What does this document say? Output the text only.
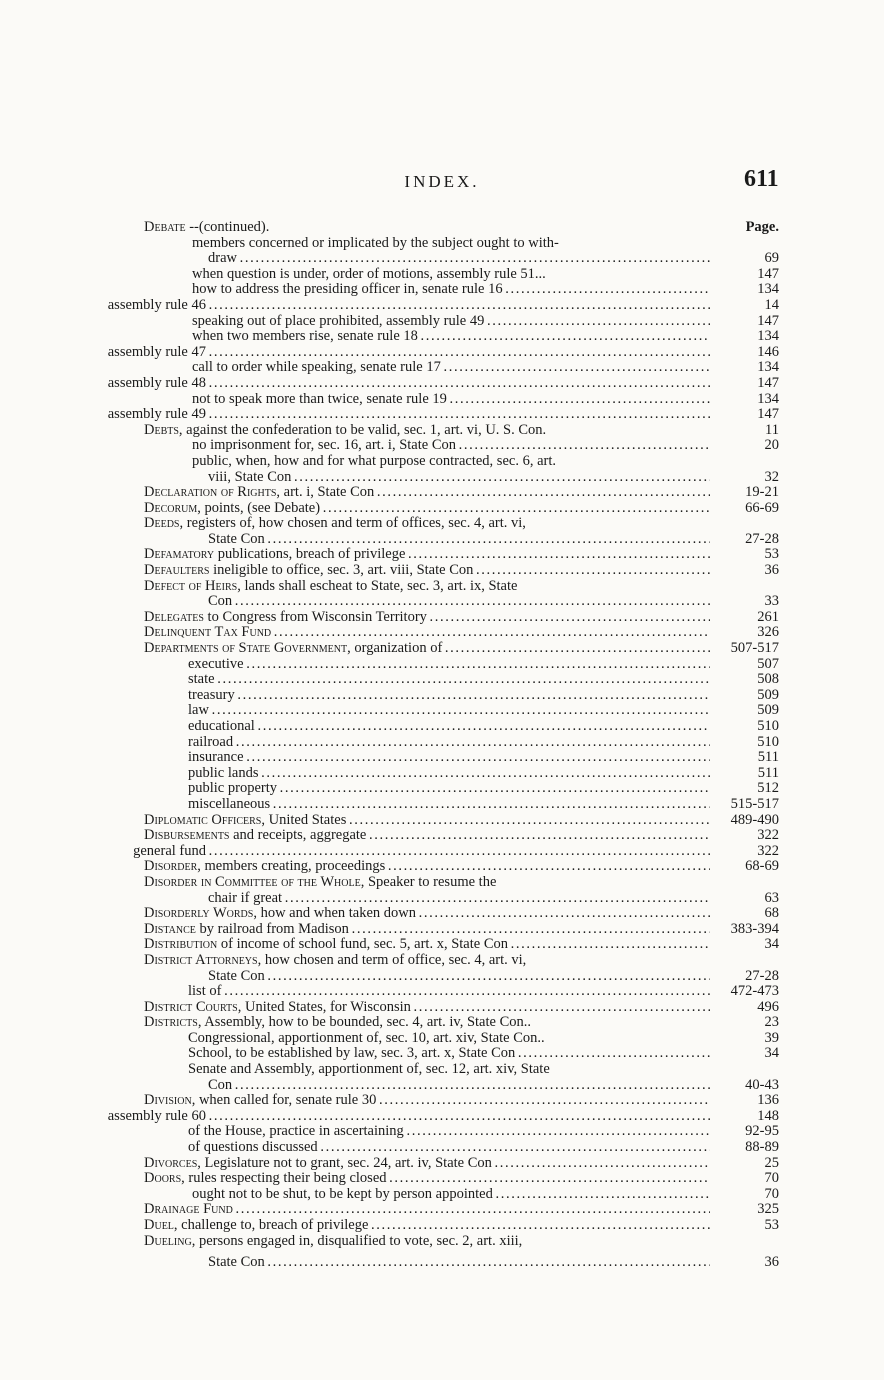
INDEX.	611
Debate --(continued).	Page.
members concerned or implicated by the subject ought to with-
draw . . .	69
when question is under, order of motions, assembly rule 51...	147
how to address the presiding officer in, senate rule 16 . . .	134
assembly rule 46 . . .	14
speaking out of place prohibited, assembly rule 49 . . .	147
when two members rise, senate rule 18 . . .	134
assembly rule 47 . . .	146
call to order while speaking, senate rule 17 . . .	134
assembly rule 48 . . .	147
not to speak more than twice, senate rule 19 . . .	134
assembly rule 49 . . .	147
Debts, against the confederation to be valid, sec. 1, art. vi, U. S. Con.	11
no imprisonment for, sec. 16, art. i, State Con . . .	20
public, when, how and for what purpose contracted, sec. 6, art.
viii, State Con . . .	32
Declaration of Rights, art. i, State Con . . .	19-21
Decorum, points, (see Debate) . . .	66-69
Deeds, registers of, how chosen and term of offices, sec. 4, art. vi,
State Con . . .	27-28
Defamatory publications, breach of privilege . . .	53
Defaulters ineligible to office, sec. 3, art. viii, State Con . . .	36
Defect of Heirs, lands shall escheat to State, sec. 3, art. ix, State
Con . . .	33
Delegates to Congress from Wisconsin Territory . . .	261
Delinquent Tax Fund . . .	326
Departments of State Government, organization of . . .	507-517
executive . . .	507
state . . .	508
treasury . . .	509
law . . .	509
educational . . .	510
railroad . . .	510
insurance . . .	511
public lands . . .	511
public property . . .	512
miscellaneous . . .	515-517
Diplomatic Officers, United States . . .	489-490
Disbursements and receipts, aggregate . . .	322
general fund . . .	322
Disorder, members creating, proceedings . . .	68-69
Disorder in Committee of the Whole, Speaker to resume the
chair if great . . .	63
Disorderly Words, how and when taken down . . .	68
Distance by railroad from Madison . . .	383-394
Distribution of income of school fund, sec. 5, art. x, State Con . . .	34
District Attorneys, how chosen and term of office, sec. 4, art. vi,
State Con . . .	27-28
list of . . .	472-473
District Courts, United States, for Wisconsin . . .	496
Districts, Assembly, how to be bounded, sec. 4, art. iv, State Con..	23
Congressional, apportionment of, sec. 10, art. xiv, State Con..	39
School, to be established by law, sec. 3, art. x, State Con . . .	34
Senate and Assembly, apportionment of, sec. 12, art. xiv, State
Con . . .	40-43
Division, when called for, senate rule 30 . . .	136
assembly rule 60 . . .	148
of the House, practice in ascertaining . . .	92-95
of questions discussed . . .	88-89
Divorces, Legislature not to grant, sec. 24, art. iv, State Con . . .	25
Doors, rules respecting their being closed . . .	70
ought not to be shut, to be kept by person appointed . . .	70
Drainage Fund . . .	325
Duel, challenge to, breach of privilege . . .	53
Dueling, persons engaged in, disqualified to vote, sec. 2, art. xiii,
State Con . . .	36
